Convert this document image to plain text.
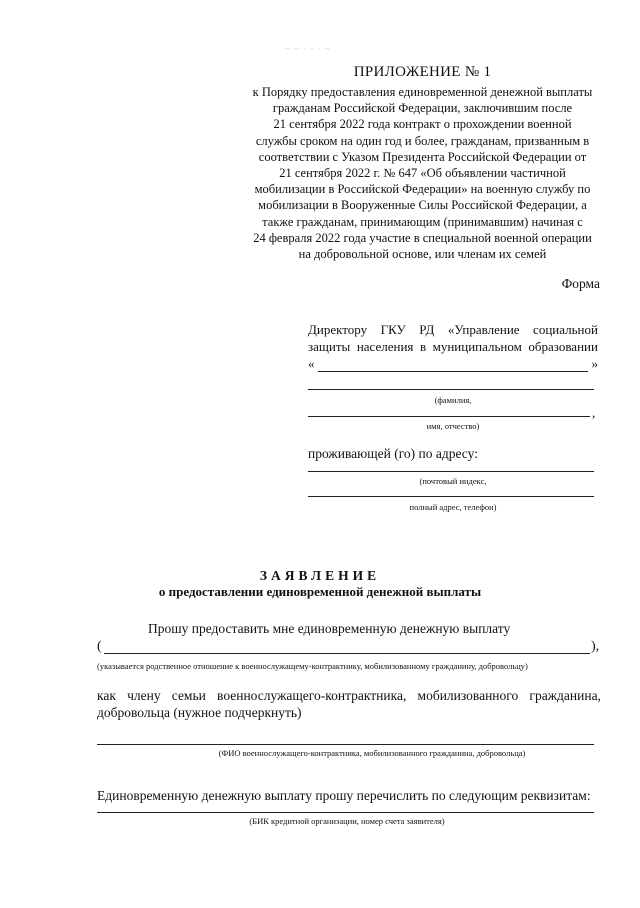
~ ~ · · · ~
ПРИЛОЖЕНИЕ № 1
к Порядку предоставления единовременной денежной выплаты
гражданам Российской Федерации, заключившим после
21 сентября 2022 года контракт о прохождении военной
службы сроком на один год и более, гражданам, призванным в
соответствии с Указом Президента Российской Федерации от
21 сентября 2022 г. № 647 «Об объявлении частичной
мобилизации в Российской Федерации» на военную службу по
мобилизации в Вооруженные Силы Российской Федерации, а
также гражданам, принимающим (принимавшим) начиная с
24 февраля 2022 года участие в специальной военной операции
на добровольной основе, или членам их семей
Форма
Директору ГКУ РД «Управление социальной
защиты населения в муниципальном образовании
«	»
(фамилия,
,
имя, отчество)
проживающей (го) по адресу:
(почтовый индекс,
полный адрес, телефон)
ЗАЯВЛЕНИЕ
о предоставлении единовременной денежной выплаты
Прошу предоставить мне единовременную денежную выплату
(	),
(указывается родственное отношение к военнослужащему-контрактнику, мобилизованному гражданину, добровольцу)
как члену семьи военнослужащего-контрактника, мобилизованного гражданина,
добровольца (нужное подчеркнуть)
(ФИО военнослужащего-контрактника, мобилизованного гражданина, добровольца)
Единовременную денежную выплату прошу перечислить по следующим реквизитам:
(БИК кредитной организации, номер счета заявителя)
